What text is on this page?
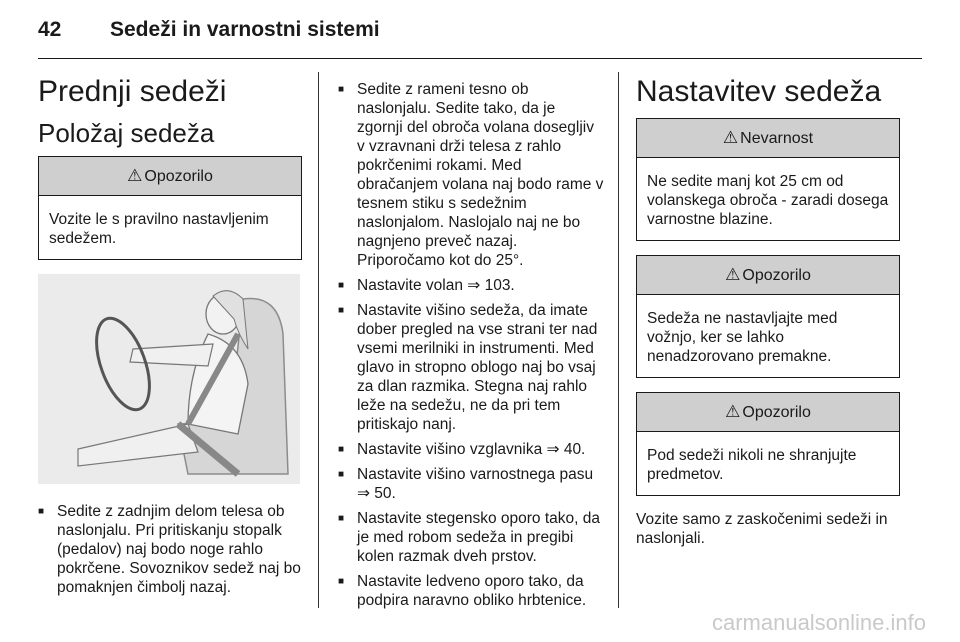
42 Sedeži in varnostni sistemi
Prednji sedeži
Položaj sedeža
⚠ Opozorilo
Vozite le s pravilno nastavljenim sedežem.
■ Sedite z zadnjim delom telesa ob naslonjalu. Pri pritiskanju stopalk (pedalov) naj bodo noge rahlo pokrčene. Sovoznikov sedež naj bo pomaknjen čimbolj nazaj.
■ Sedite z rameni tesno ob naslonjalu. Sedite tako, da je zgornji del obroča volana dosegljiv v vzravnani drži telesa z rahlo pokrčenimi rokami. Med obračanjem volana naj bodo rame v tesnem stiku s sedežnim naslonjalom. Naslojalo naj ne bo nagnjeno preveč nazaj. Priporočamo kot do 25°.
■ Nastavite volan ⇒ 103.
■ Nastavite višino sedeža, da imate dober pregled na vse strani ter nad vsemi merilniki in instrumenti. Med glavo in stropno oblogo naj bo vsaj za dlan razmika. Stegna naj rahlo leže na sedežu, ne da pri tem pritiskajo nanj.
■ Nastavite višino vzglavnika ⇒ 40.
■ Nastavite višino varnostnega pasu ⇒ 50.
■ Nastavite stegensko oporo tako, da je med robom sedeža in pregibi kolen razmak dveh prstov.
■ Nastavite ledveno oporo tako, da podpira naravno obliko hrbtenice.
Nastavitev sedeža
⚠ Nevarnost
Ne sedite manj kot 25 cm od volanskega obroča - zaradi dosega varnostne blazine.
⚠ Opozorilo
Sedeža ne nastavljajte med vožnjo, ker se lahko nenadzorovano premakne.
⚠ Opozorilo
Pod sedeži nikoli ne shranjujte predmetov.

Vozite samo z zaskočenimi sedeži in naslonjali.

carmanualsonline.info
